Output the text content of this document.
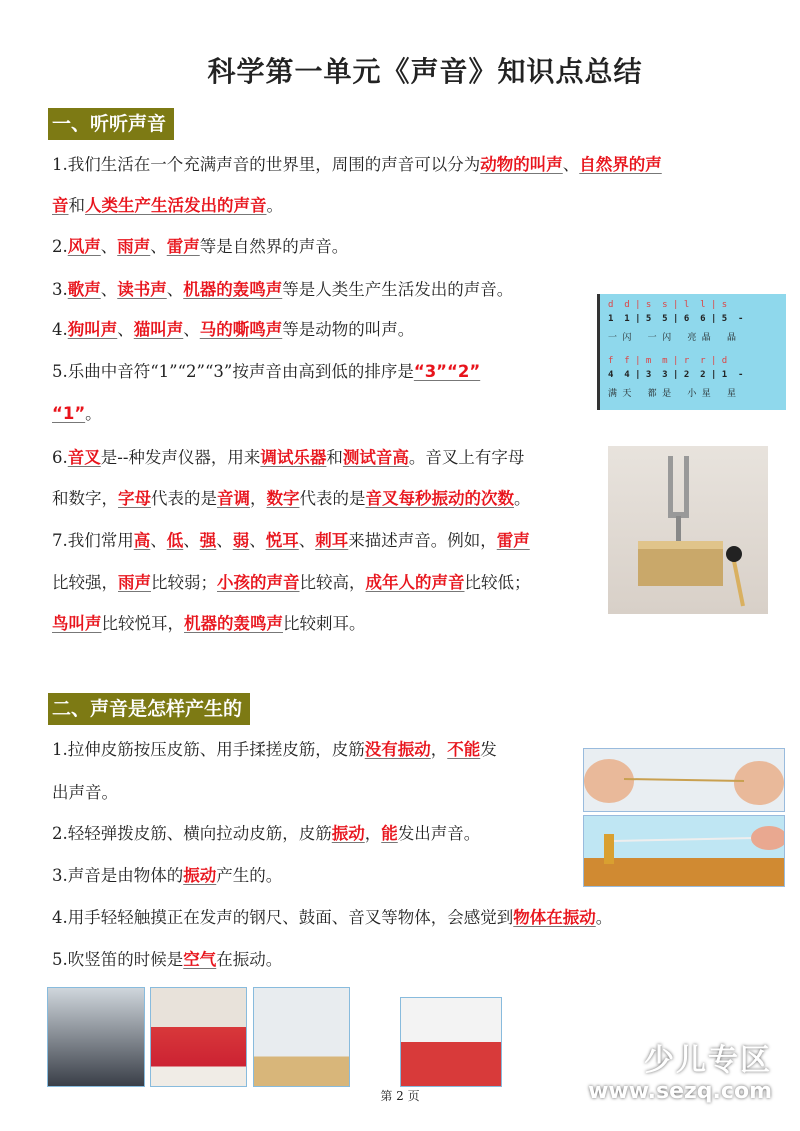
科学第一单元《声音》知识点总结
一、听听声音
1.我们生活在一个充满声音的世界里，周围的声音可以分为动物的叫声、自然界的声
音和人类生产生活发出的声音。
2.风声、雨声、雷声等是自然界的声音。
3.歌声、读书声、机器的轰鸣声等是人类生产生活发出的声音。
4.狗叫声、猫叫声、马的嘶鸣声等是动物的叫声。
5.乐曲中音符“1”“2”“3”按声音由高到低的排序是“3”“2”
“1”。
6.音叉是--种发声仪器，用来调试乐器和测试音高。音叉上有字母
和数字，字母代表的是音调，数字代表的是音叉每秒振动的次数。
7.我们常用高、低、强、弱、悦耳、刺耳来描述声音。例如，雷声
比较强，雨声比较弱；小孩的声音比较高，成年人的声音比较低；
鸟叫声比较悦耳，机器的轰鸣声比较刺耳。
二、声音是怎样产生的
1.拉伸皮筋按压皮筋、用手揉搓皮筋，皮筋没有振动，不能发
出声音。
2.轻轻弹拨皮筋、横向拉动皮筋，皮筋振动，能发出声音。
3.声音是由物体的振动产生的。
4.用手轻轻触摸正在发声的钢尺、鼓面、音叉等物体，会感觉到物体在振动。
5.吹竖笛的时候是空气在振动。
d  d | s  s | l  l | s
1  1 | 5  5 | 6  6 | 5  -
一 闪   一 闪   亮 晶   晶
f  f | m  m | r  r | d
4  4 | 3  3 | 2  2 | 1  -
满 天   都 是   小 星   星
第 2 页
少儿专区
www.sezq.com
